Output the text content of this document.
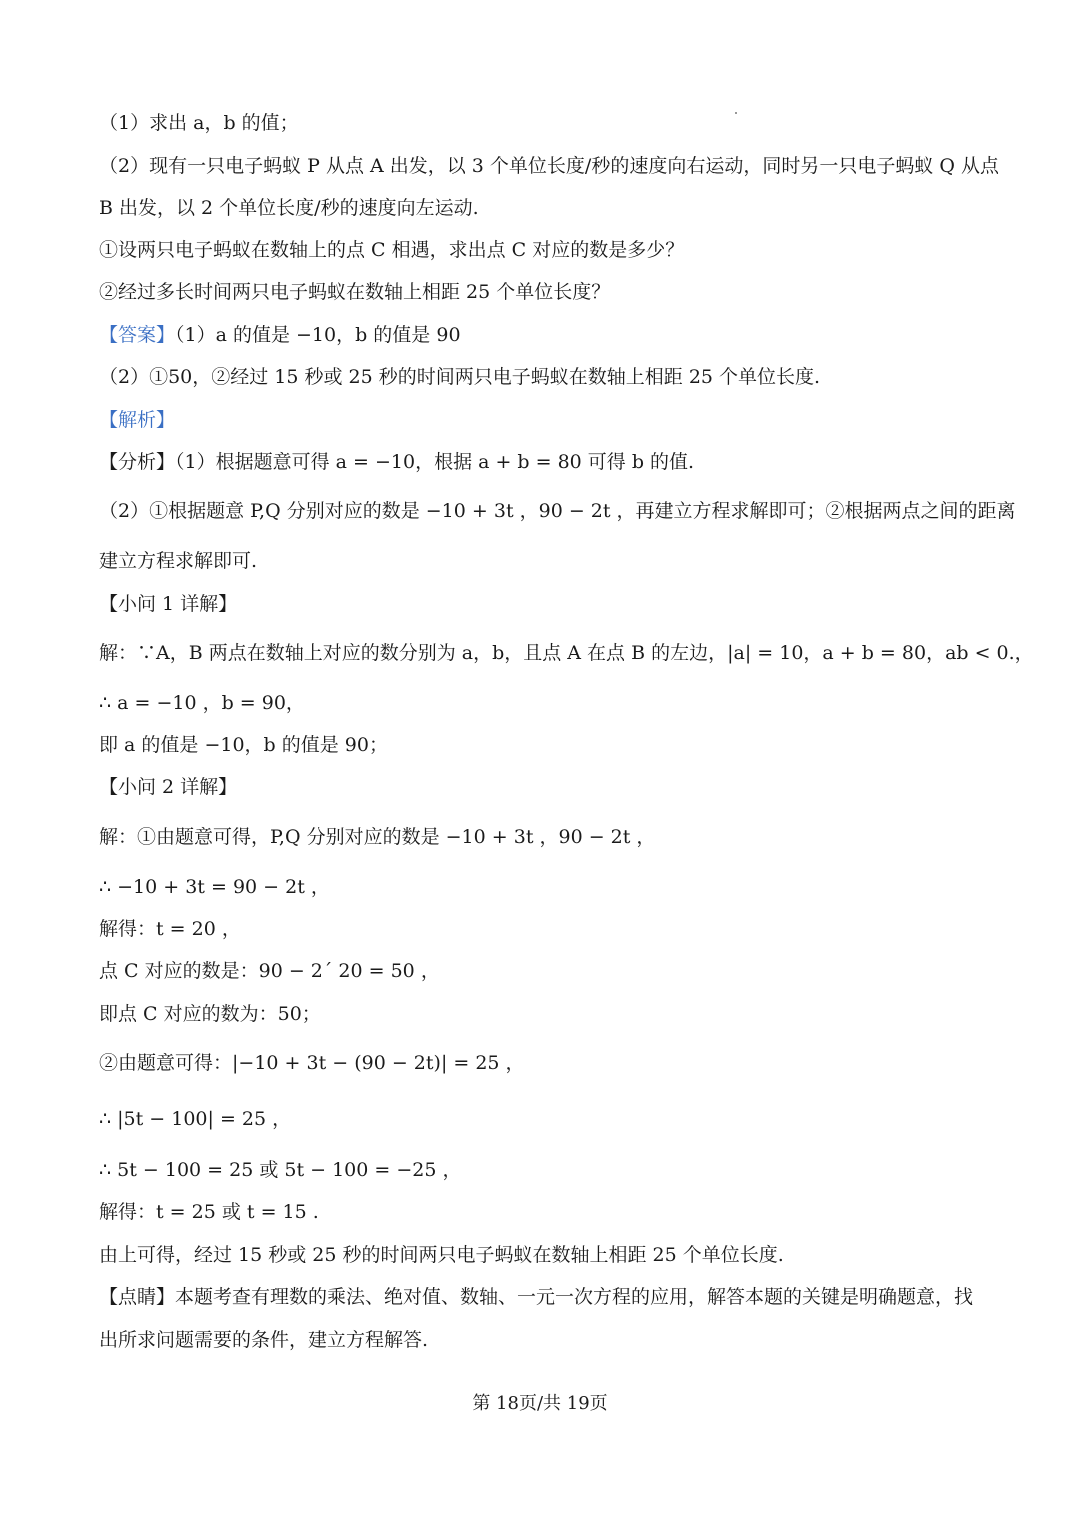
（1）求出 a，b 的值；
（2）现有一只电子蚂蚁 P 从点 A 出发，以 3 个单位长度/秒的速度向右运动，同时另一只电子蚂蚁 Q 从点
B 出发，以 2 个单位长度/秒的速度向左运动.
①设两只电子蚂蚁在数轴上的点 C 相遇，求出点 C 对应的数是多少？
②经过多长时间两只电子蚂蚁在数轴上相距 25 个单位长度？
【答案】（1）a 的值是 −10，b 的值是 90
（2）①50，②经过 15 秒或 25 秒的时间两只电子蚂蚁在数轴上相距 25 个单位长度.
【解析】
【分析】（1）根据题意可得 a = −10，根据 a + b = 80 可得 b 的值.
（2）①根据题意 P,Q 分别对应的数是 −10 + 3t ，90 − 2t ，再建立方程求解即可；②根据两点之间的距离
建立方程求解即可.
【小问 1 详解】
解：∵A，B 两点在数轴上对应的数分别为 a，b，且点 A 在点 B 的左边，|a| = 10，a + b = 80，ab < 0.，
∴ a = −10 ，b = 90，
即 a 的值是 −10，b 的值是 90；
【小问 2 详解】
解：①由题意可得，P,Q 分别对应的数是 −10 + 3t ，90 − 2t ，
∴ −10 + 3t = 90 − 2t ，
解得：t = 20 ，
点 C 对应的数是：90 − 2´ 20 = 50 ，
即点 C 对应的数为：50；
②由题意可得：|−10 + 3t − (90 − 2t)| = 25 ，
∴ |5t − 100| = 25 ，
∴ 5t − 100 = 25 或 5t − 100 = −25 ，
解得：t = 25 或 t = 15 .
由上可得，经过 15 秒或 25 秒的时间两只电子蚂蚁在数轴上相距 25 个单位长度.
【点睛】本题考查有理数的乘法、绝对值、数轴、一元一次方程的应用，解答本题的关键是明确题意，找
出所求问题需要的条件，建立方程解答.
第 18页/共 19页
